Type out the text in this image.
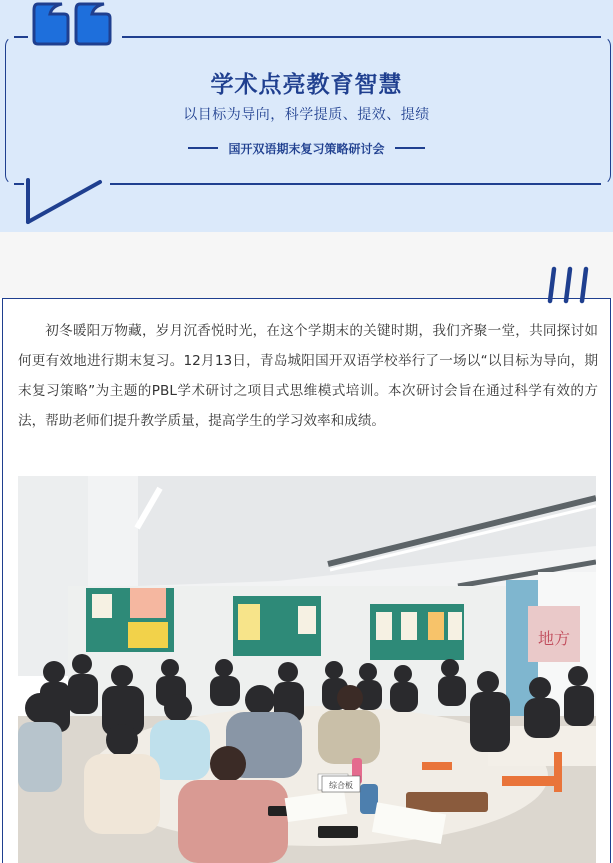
学术点亮教育智慧
以目标为导向，科学提质、提效、提绩
国开双语期末复习策略研讨会

初冬暖阳万物藏，岁月沉香悦时光，在这个学期末的关键时期，我们齐聚一堂，共同探讨如何更有效地进行期末复习。12月13日，青岛城阳国开双语学校举行了一场以“以目标为导向，期末复习策略”为主题的PBL学术研讨之项目式思维模式培训。本次研讨会旨在通过科学有效的方法，帮助老师们提升教学质量，提高学生的学习效率和成绩。

综合板
地方
